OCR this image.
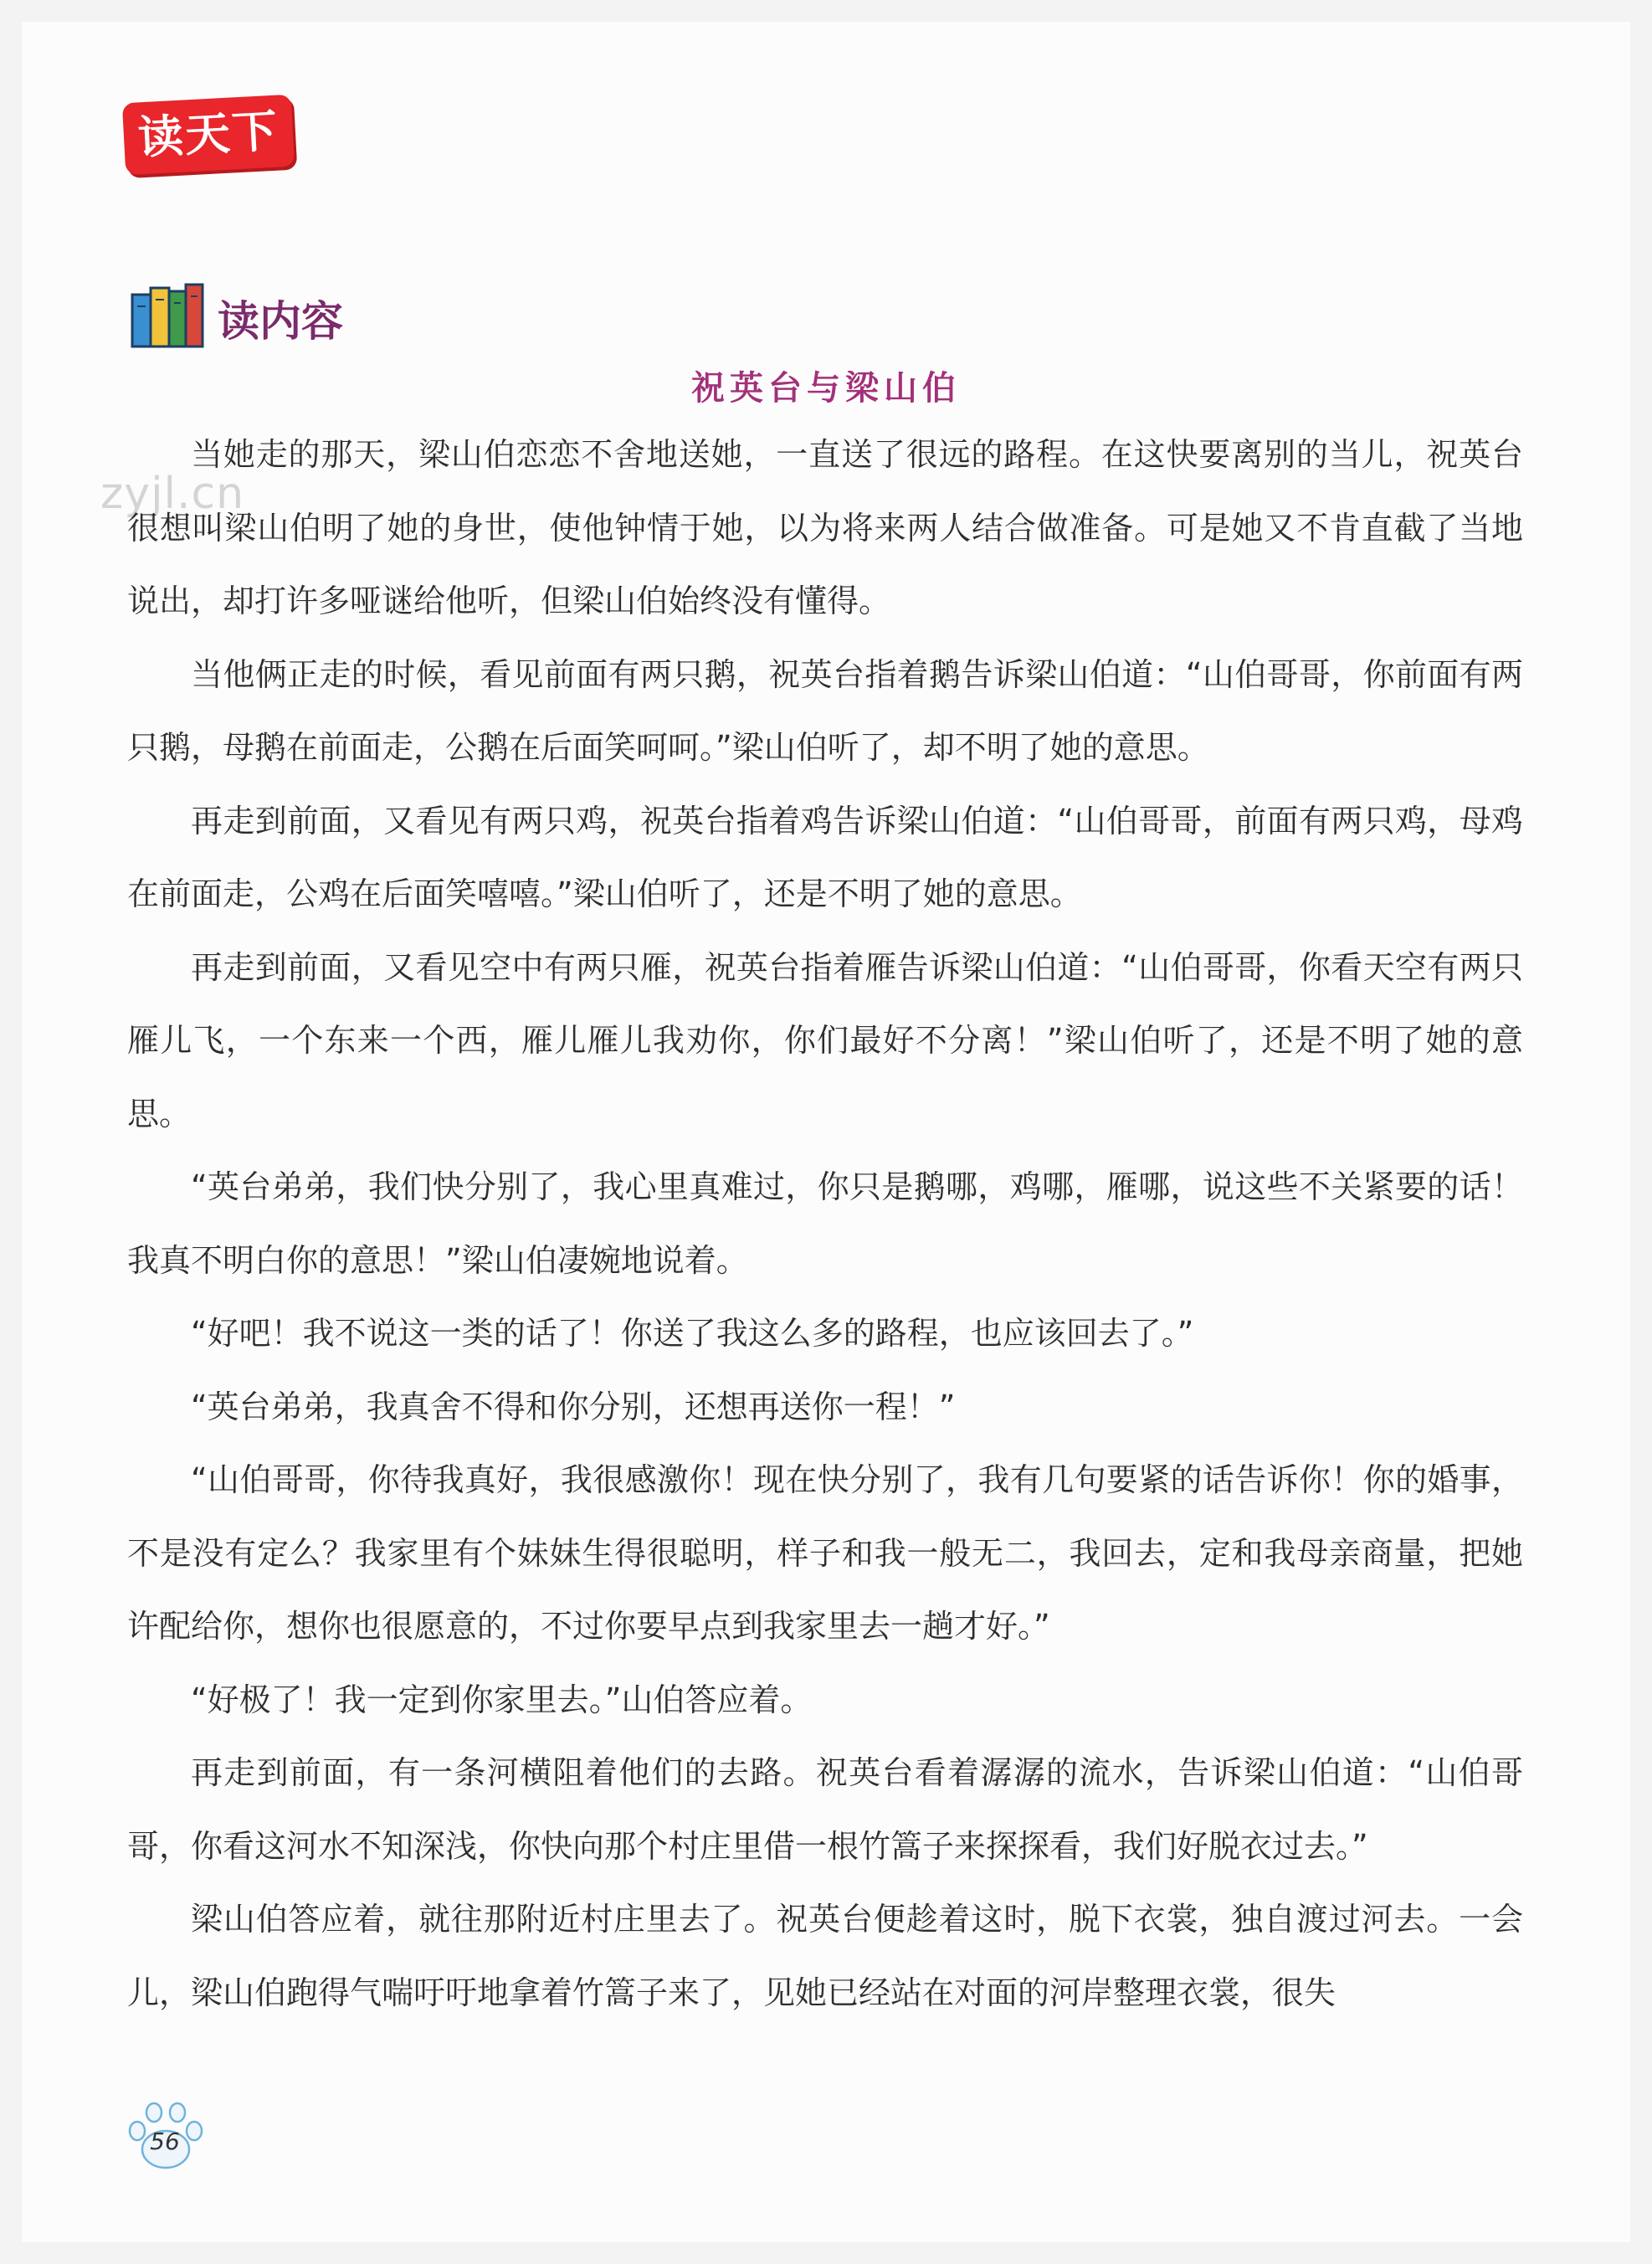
读天下
读内容
祝英台与梁山伯
zyjl.cn

当她走的那天，梁山伯恋恋不舍地送她，一直送了很远的路程。在这快要离别的当儿，祝英台很想叫梁山伯明了她的身世，使他钟情于她，以为将来两人结合做准备。可是她又不肯直截了当地说出，却打许多哑谜给他听，但梁山伯始终没有懂得。

当他俩正走的时候，看见前面有两只鹅，祝英台指着鹅告诉梁山伯道：“山伯哥哥，你前面有两只鹅，母鹅在前面走，公鹅在后面笑呵呵。”梁山伯听了，却不明了她的意思。

再走到前面，又看见有两只鸡，祝英台指着鸡告诉梁山伯道：“山伯哥哥，前面有两只鸡，母鸡在前面走，公鸡在后面笑嘻嘻。”梁山伯听了，还是不明了她的意思。

再走到前面，又看见空中有两只雁，祝英台指着雁告诉梁山伯道：“山伯哥哥，你看天空有两只雁儿飞，一个东来一个西，雁儿雁儿我劝你，你们最好不分离！”梁山伯听了，还是不明了她的意思。

“英台弟弟，我们快分别了，我心里真难过，你只是鹅哪，鸡哪，雁哪，说这些不关紧要的话！我真不明白你的意思！”梁山伯凄婉地说着。

“好吧！我不说这一类的话了！你送了我这么多的路程，也应该回去了。”

“英台弟弟，我真舍不得和你分别，还想再送你一程！”

“山伯哥哥，你待我真好，我很感激你！现在快分别了，我有几句要紧的话告诉你！你的婚事，不是没有定么？我家里有个妹妹生得很聪明，样子和我一般无二，我回去，定和我母亲商量，把她许配给你，想你也很愿意的，不过你要早点到我家里去一趟才好。”

“好极了！我一定到你家里去。”山伯答应着。

再走到前面，有一条河横阻着他们的去路。祝英台看着潺潺的流水，告诉梁山伯道：“山伯哥哥，你看这河水不知深浅，你快向那个村庄里借一根竹篙子来探探看，我们好脱衣过去。”

梁山伯答应着，就往那附近村庄里去了。祝英台便趁着这时，脱下衣裳，独自渡过河去。一会儿，梁山伯跑得气喘吁吁地拿着竹篙子来了，见她已经站在对面的河岸整理衣裳，很失

56
